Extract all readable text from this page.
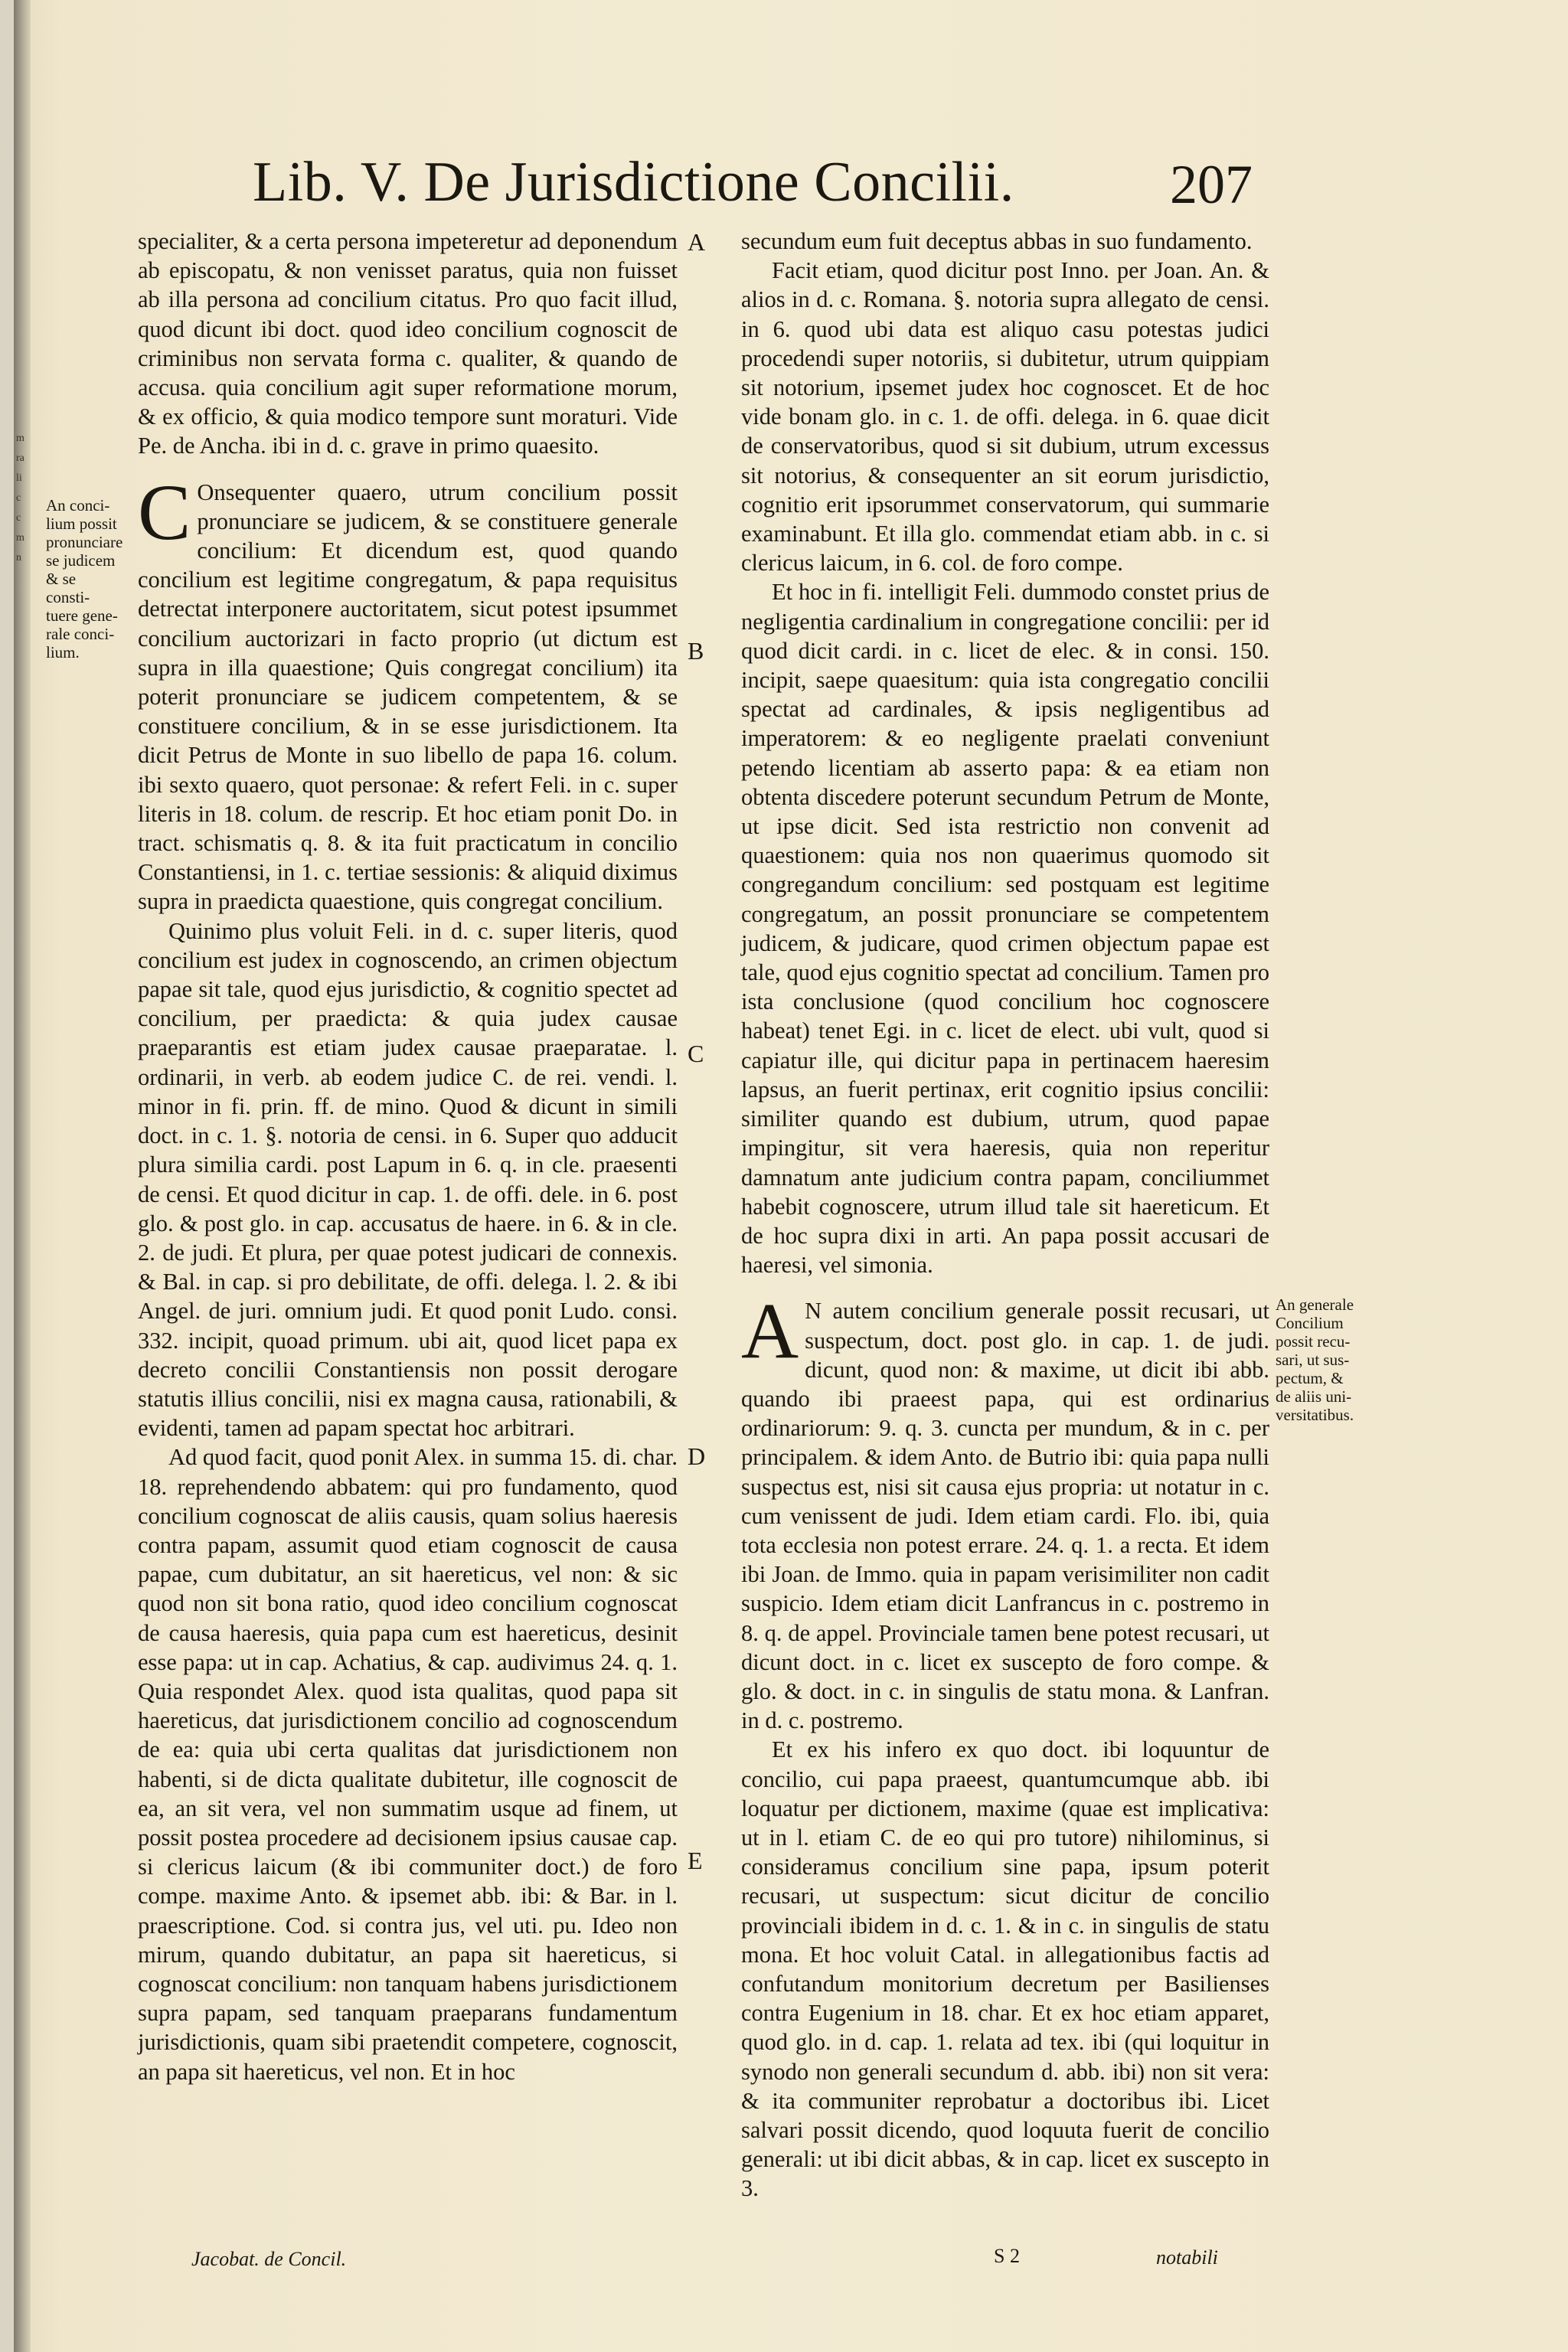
m
ra
li
c
c
m
n
Lib. V. De Jurisdictione Concilii.	207
An conci-
lium possit
pronunciare
se judicem
& se consti-
tuere gene-
rale conci-
lium.
An generale
Concilium
possit recu-
sari, ut sus-
pectum, &
de aliis uni-
versitatibus.
A
B
C
D
E

specialiter, & a certa persona impeteretur ad deponendum ab episcopatu, & non venisset paratus, quia non fuisset ab illa persona ad concilium citatus. Pro quo facit illud, quod dicunt ibi doct. quod ideo concilium cognoscit de criminibus non servata forma c. qualiter, & quando de accusa. quia concilium agit super reformatione morum, & ex officio, & quia modico tempore sunt moraturi. Vide Pe. de Ancha. ibi in d. c. grave in primo quaesito.

C Onsequenter quaero, utrum concilium possit pronunciare se judicem, & se constituere generale concilium: Et dicendum est, quod quando concilium est legitime congregatum, & papa requisitus detrectat interponere auctoritatem, sicut potest ipsummet concilium auctorizari in facto proprio (ut dictum est supra in illa quaestione; Quis congregat concilium) ita poterit pronunciare se judicem competentem, & se constituere concilium, & in se esse jurisdictionem. Ita dicit Petrus de Monte in suo libello de papa 16. colum. ibi sexto quaero, quot personae: & refert Feli. in c. super literis in 18. colum. de rescrip. Et hoc etiam ponit Do. in tract. schismatis q. 8. & ita fuit practicatum in concilio Constantiensi, in 1. c. tertiae sessionis: & aliquid diximus supra in praedicta quaestione, quis congregat concilium.

Quinimo plus voluit Feli. in d. c. super literis, quod concilium est judex in cognoscendo, an crimen objectum papae sit tale, quod ejus jurisdictio, & cognitio spectet ad concilium, per praedicta: & quia judex causae praeparantis est etiam judex causae praeparatae. l. ordinarii, in verb. ab eodem judice C. de rei. vendi. l. minor in fi. prin. ff. de mino. Quod & dicunt in simili doct. in c. 1. §. notoria de censi. in 6. Super quo adducit plura similia cardi. post Lapum in 6. q. in cle. praesenti de censi. Et quod dicitur in cap. 1. de offi. dele. in 6. post glo. & post glo. in cap. accusatus de haere. in 6. & in cle. 2. de judi. Et plura, per quae potest judicari de connexis. & Bal. in cap. si pro debilitate, de offi. delega. l. 2. & ibi Angel. de juri. omnium judi. Et quod ponit Ludo. consi. 332. incipit, quoad primum. ubi ait, quod licet papa ex decreto concilii Constantiensis non possit derogare statutis illius concilii, nisi ex magna causa, rationabili, & evidenti, tamen ad papam spectat hoc arbitrari.

Ad quod facit, quod ponit Alex. in summa 15. di. char. 18. reprehendendo abbatem: qui pro fundamento, quod concilium cognoscat de aliis causis, quam solius haeresis contra papam, assumit quod etiam cognoscit de causa papae, cum dubitatur, an sit haereticus, vel non: & sic quod non sit bona ratio, quod ideo concilium cognoscat de causa haeresis, quia papa cum est haereticus, desinit esse papa: ut in cap. Achatius, & cap. audivimus 24. q. 1. Quia respondet Alex. quod ista qualitas, quod papa sit haereticus, dat jurisdictionem concilio ad cognoscendum de ea: quia ubi certa qualitas dat jurisdictionem non habenti, si de dicta qualitate dubitetur, ille cognoscit de ea, an sit vera, vel non summatim usque ad finem, ut possit postea procedere ad decisionem ipsius causae cap. si clericus laicum (& ibi communiter doct.) de foro compe. maxime Anto. & ipsemet abb. ibi: & Bar. in l. praescriptione. Cod. si contra jus, vel uti. pu. Ideo non mirum, quando dubitatur, an papa sit haereticus, si cognoscat concilium: non tanquam habens jurisdictionem supra papam, sed tanquam praeparans fundamentum jurisdictionis, quam sibi praetendit competere, cognoscit, an papa sit haereticus, vel non. Et in hoc

secundum eum fuit deceptus abbas in suo fundamento.

Facit etiam, quod dicitur post Inno. per Joan. An. & alios in d. c. Romana. §. notoria supra allegato de censi. in 6. quod ubi data est aliquo casu potestas judici procedendi super notoriis, si dubitetur, utrum quippiam sit notorium, ipsemet judex hoc cognoscet. Et de hoc vide bonam glo. in c. 1. de offi. delega. in 6. quae dicit de conservatoribus, quod si sit dubium, utrum excessus sit notorius, & consequenter an sit eorum jurisdictio, cognitio erit ipsorummet conservatorum, qui summarie examinabunt. Et illa glo. commendat etiam abb. in c. si clericus laicum, in 6. col. de foro compe.

Et hoc in fi. intelligit Feli. dummodo constet prius de negligentia cardinalium in congregatione concilii: per id quod dicit cardi. in c. licet de elec. & in consi. 150. incipit, saepe quaesitum: quia ista congregatio concilii spectat ad cardinales, & ipsis negligentibus ad imperatorem: & eo negligente praelati conveniunt petendo licentiam ab asserto papa: & ea etiam non obtenta discedere poterunt secundum Petrum de Monte, ut ipse dicit. Sed ista restrictio non convenit ad quaestionem: quia nos non quaerimus quomodo sit congregandum concilium: sed postquam est legitime congregatum, an possit pronunciare se competentem judicem, & judicare, quod crimen objectum papae est tale, quod ejus cognitio spectat ad concilium. Tamen pro ista conclusione (quod concilium hoc cognoscere habeat) tenet Egi. in c. licet de elect. ubi vult, quod si capiatur ille, qui dicitur papa in pertinacem haeresim lapsus, an fuerit pertinax, erit cognitio ipsius concilii: similiter quando est dubium, utrum, quod papae impingitur, sit vera haeresis, quia non reperitur damnatum ante judicium contra papam, conciliummet habebit cognoscere, utrum illud tale sit haereticum. Et de hoc supra dixi in arti. An papa possit accusari de haeresi, vel simonia.

A N autem concilium generale possit recusari, ut suspectum, doct. post glo. in cap. 1. de judi. dicunt, quod non: & maxime, ut dicit ibi abb. quando ibi praeest papa, qui est ordinarius ordinariorum: 9. q. 3. cuncta per mundum, & in c. per principalem. & idem Anto. de Butrio ibi: quia papa nulli suspectus est, nisi sit causa ejus propria: ut notatur in c. cum venissent de judi. Idem etiam cardi. Flo. ibi, quia tota ecclesia non potest errare. 24. q. 1. a recta. Et idem ibi Joan. de Immo. quia in papam verisimiliter non cadit suspicio. Idem etiam dicit Lanfrancus in c. postremo in 8. q. de appel. Provinciale tamen bene potest recusari, ut dicunt doct. in c. licet ex suscepto de foro compe. & glo. & doct. in c. in singulis de statu mona. & Lanfran. in d. c. postremo.

Et ex his infero ex quo doct. ibi loquuntur de concilio, cui papa praeest, quantumcumque abb. ibi loquatur per dictionem, maxime (quae est implicativa: ut in l. etiam C. de eo qui pro tutore) nihilominus, si consideramus concilium sine papa, ipsum poterit recusari, ut suspectum: sicut dicitur de concilio provinciali ibidem in d. c. 1. & in c. in singulis de statu mona. Et hoc voluit Catal. in allegationibus factis ad confutandum monitorium decretum per Basilienses contra Eugenium in 18. char. Et ex hoc etiam apparet, quod glo. in d. cap. 1. relata ad tex. ibi (qui loquitur in synodo non generali secundum d. abb. ibi) non sit vera: & ita communiter reprobatur a doctoribus ibi. Licet salvari possit dicendo, quod loquuta fuerit de concilio generali: ut ibi dicit abbas, & in cap. licet ex suscepto in 3.

Jacobat. de Concil.	S 2	notabili
